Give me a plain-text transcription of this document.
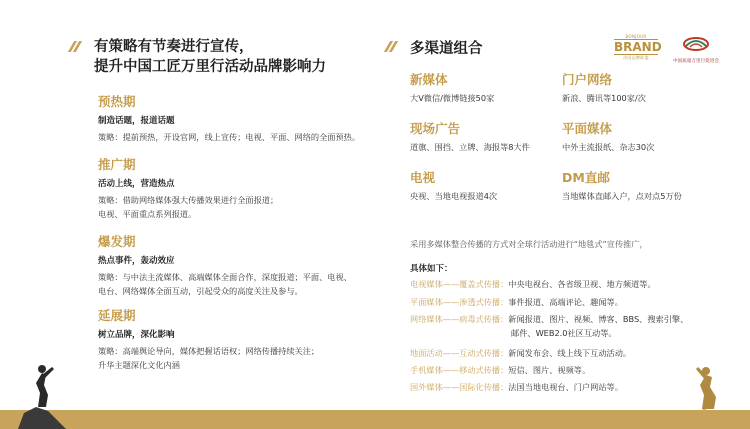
有策略有节奏进行宣传，
提升中国工匠万里行活动品牌影响力
预热期
制造话题，报道话题
策略：提前预热，开设官网，线上宣传；电视、平面、网络的全面预热。
推广期
活动上线，营造热点
策略：借助网络媒体强大传播效果进行全面报道；
电视、平面重点系列报道。
爆发期
热点事件，轰动效应
策略：与中法主流媒体、高端媒体全面合作，深度报道；平面、电视、
电台、网络媒体全面互动，引起受众的高度关注及参与。
延展期
树立品牌，深化影响
策略：高端舆论导向，媒体把握话语权；网络传播持续关注；
升华主题深化文化内涵
多渠道组合
新媒体
大V微信/微博链接50家
门户网络
新浪、腾讯等100家/次
现场广告
道旗、围挡、立牌、海报等8大件
平面媒体
中外主流报纸、杂志30次
电视
央视、当地电视报道4次
DM直邮
当地媒体直邮入户，点对点5万份
采用多媒体整合传播的方式对全球行活动进行“地毯式”宣传推广，
具体如下：
电视媒体——覆盖式传播：中央电视台、各省级卫视、地方频道等。
平面媒体——渗透式传播：事件报道、高端评论、趣闻等。
网络媒体——病毒式传播：新闻报道、图片、视频、博客、BBS、搜索引擎、
邮件、WEB2.0社区互动等。
地面活动——互动式传播：新闻发布会、线上线下互动活动。
手机媒体——移动式传播：短信、图片、视频等。
国外媒体——国际化传播：法国当地电视台、门户网站等。
BONJOUR
BRAND
法国品牌联盟
中国质量万里行促进会
